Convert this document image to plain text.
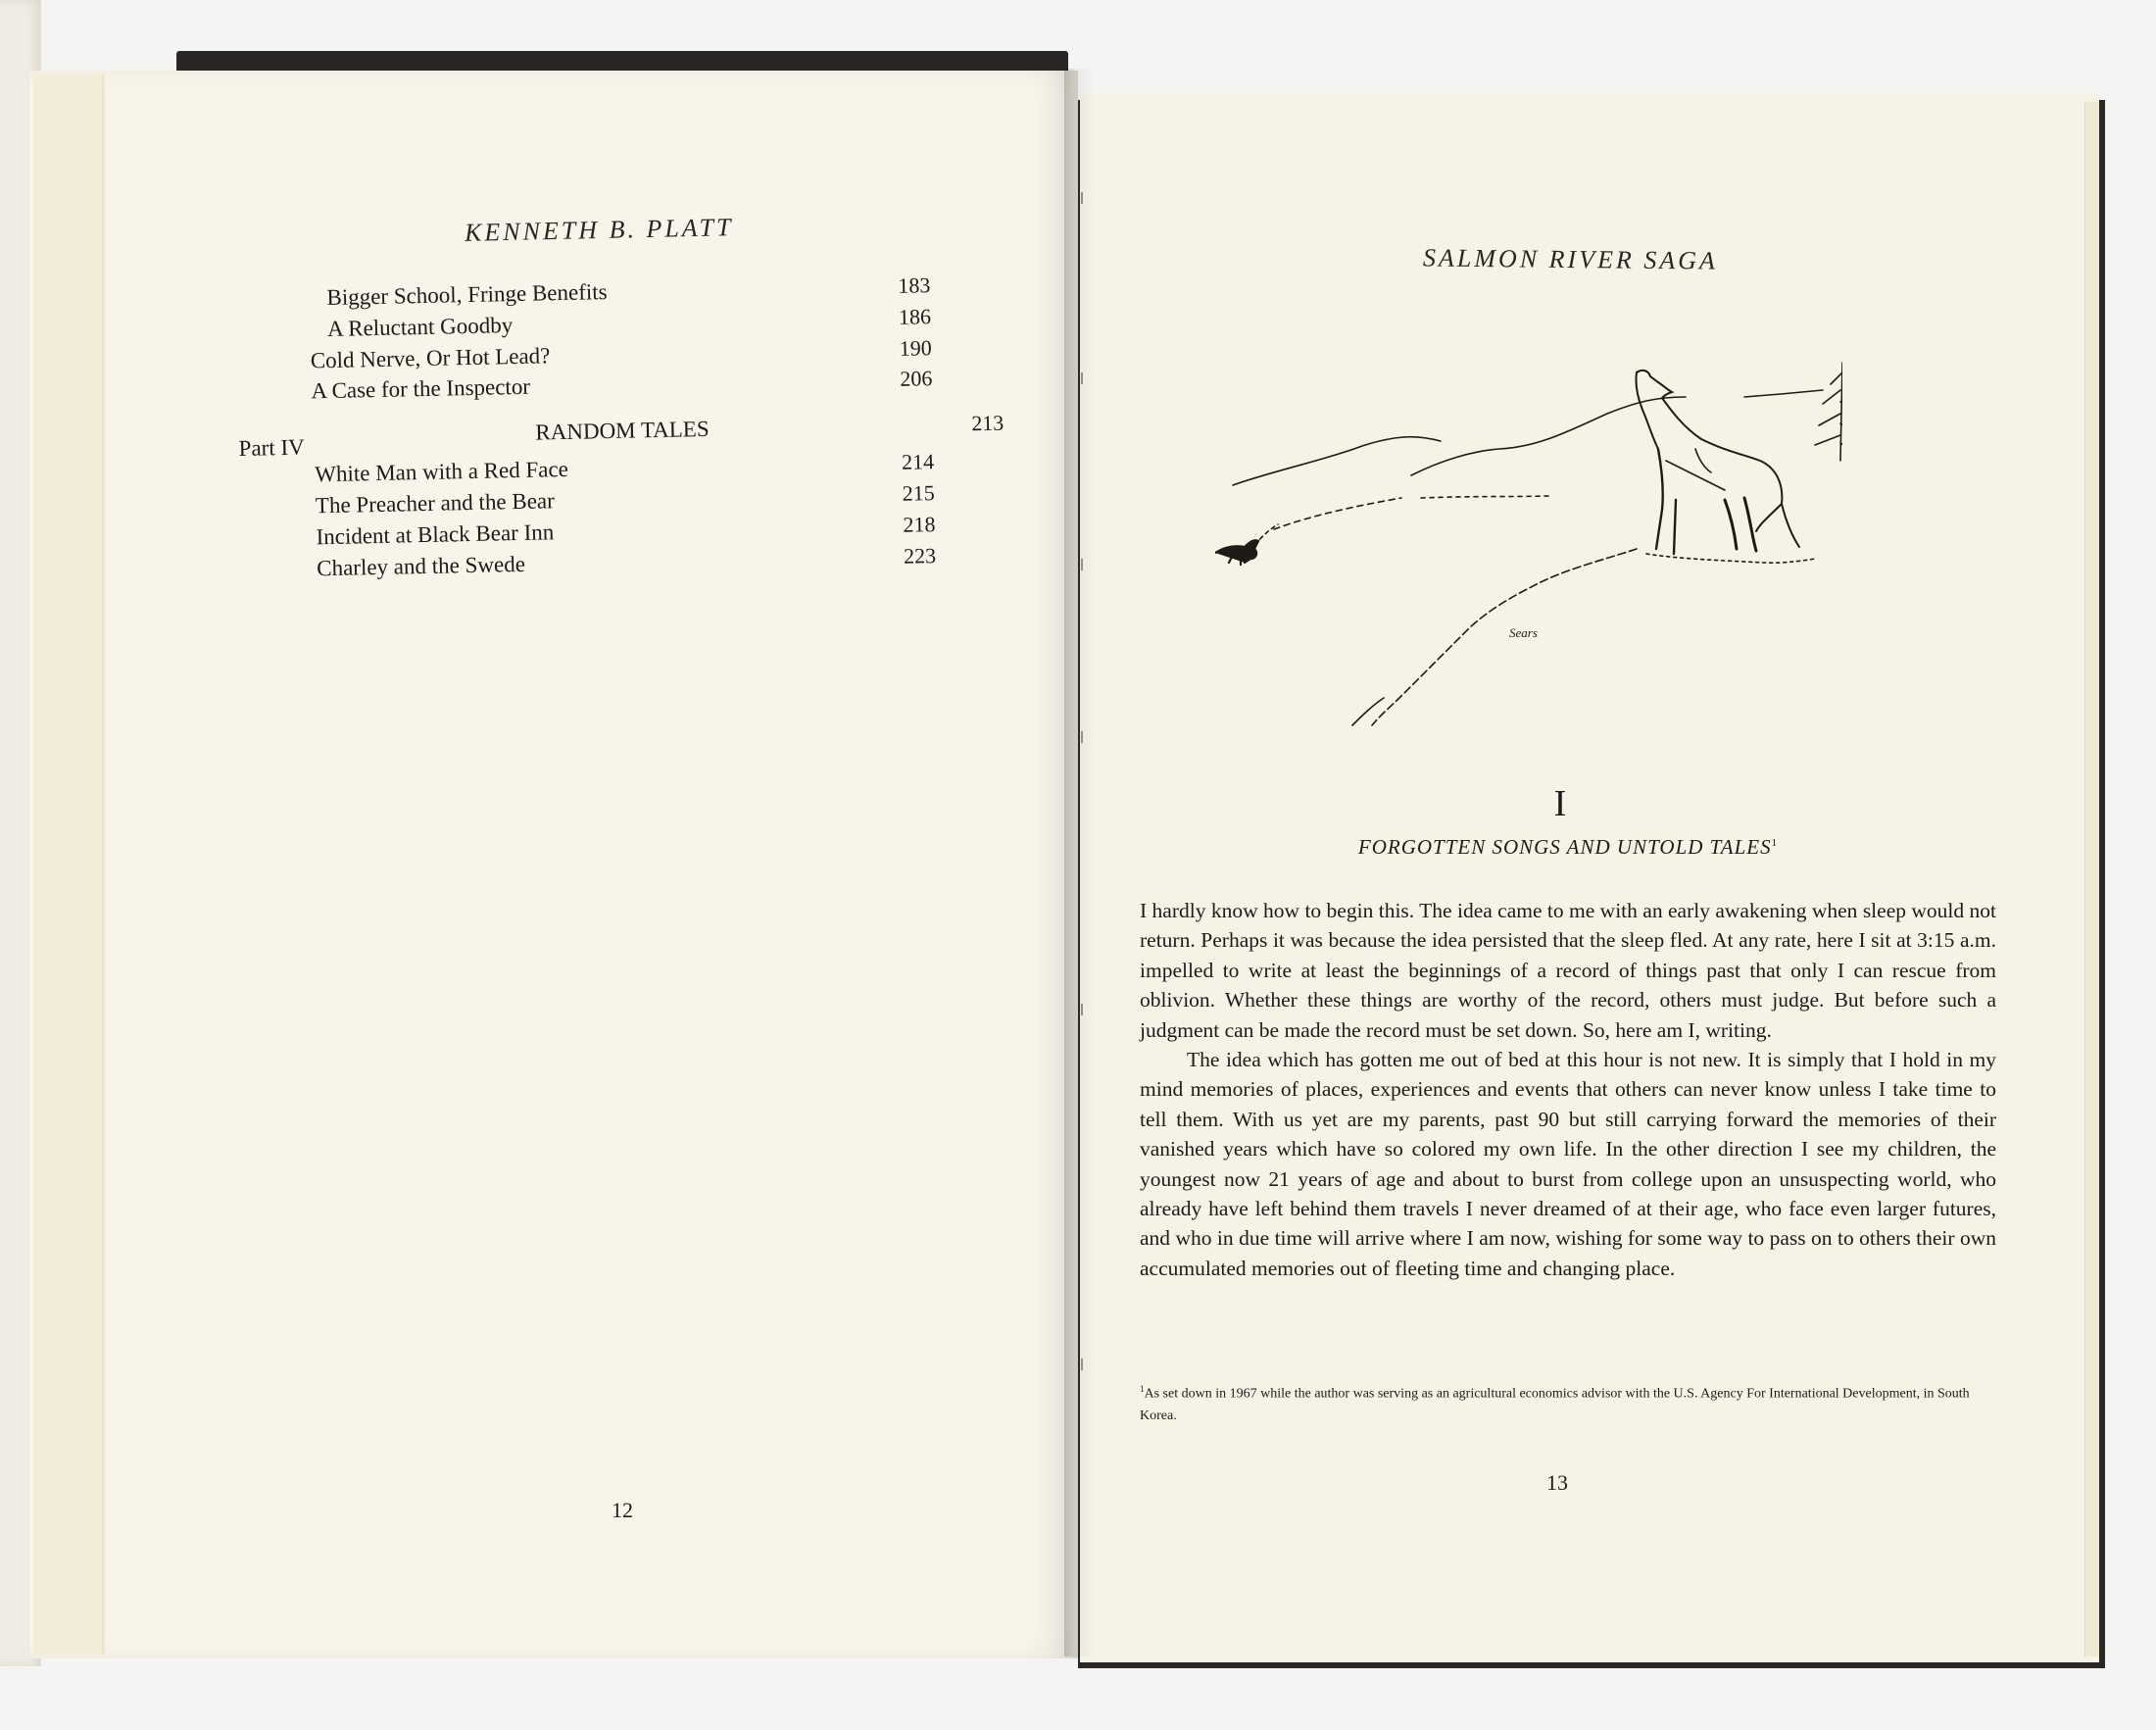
KENNETH B. PLATT
Bigger School, Fringe Benefits	183
A Reluctant Goodby	186
Cold Nerve, Or Hot Lead?	190
A Case for the Inspector	206
Part IV
RANDOM TALES	213
White Man with a Red Face	214
The Preacher and the Bear	215
Incident at Black Bear Inn	218
Charley and the Swede	223
12
SALMON RIVER SAGA
Sears
I
FORGOTTEN SONGS AND UNTOLD TALES$^1$

I hardly know how to begin this. The idea came to me with an early awakening when sleep would not return. Perhaps it was because the idea persisted that the sleep fled. At any rate, here I sit at 3:15 a.m. impelled to write at least the beginnings of a record of things past that only I can rescue from oblivion. Whether these things are worthy of the record, others must judge. But before such a judgment can be made the record must be set down. So, here am I, writing.

The idea which has gotten me out of bed at this hour is not new. It is simply that I hold in my mind memories of places, experiences and events that others can never know unless I take time to tell them. With us yet are my parents, past 90 but still carrying forward the memories of their vanished years which have so colored my own life. In the other direction I see my children, the youngest now 21 years of age and about to burst from college upon an unsuspecting world, who already have left behind them travels I never dreamed of at their age, who face even larger futures, and who in due time will arrive where I am now, wishing for some way to pass on to others their own accumulated memories out of fleeting time and changing place.

$^1$As set down in 1967 while the author was serving as an agricultural economics advisor with the U.S. Agency For International Development, in South Korea.
13
